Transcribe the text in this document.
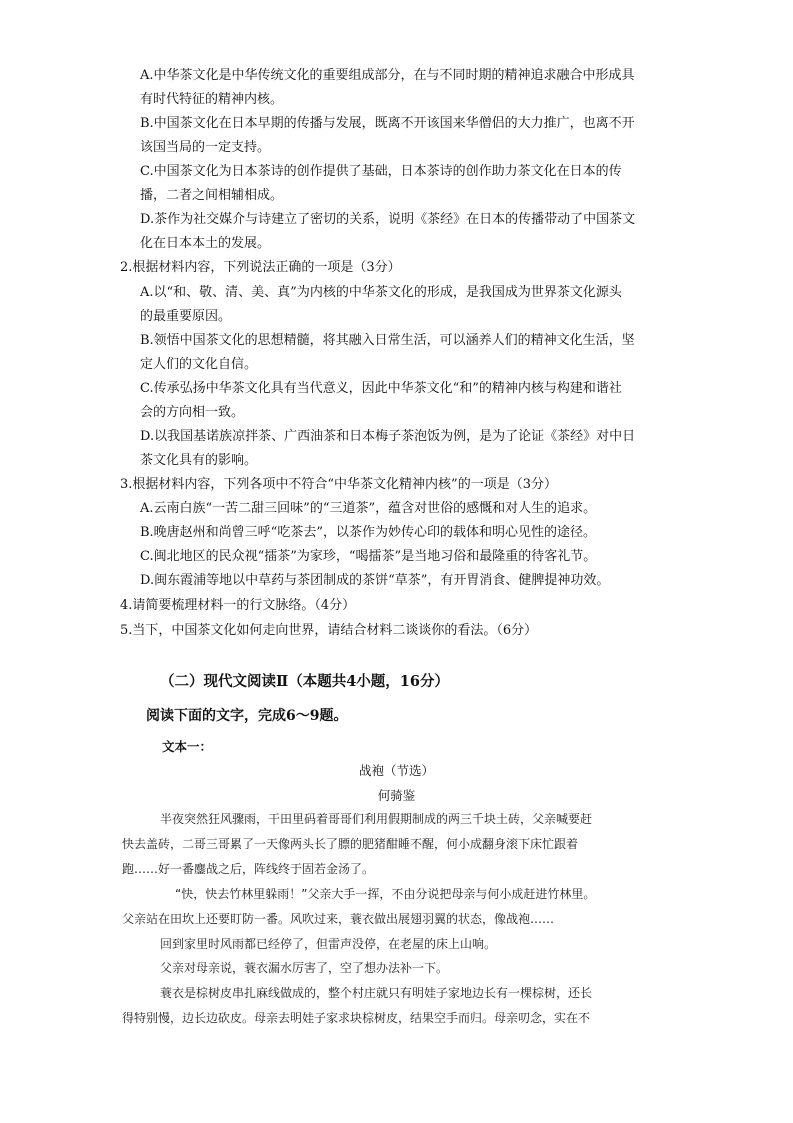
A.中华茶文化是中华传统文化的重要组成部分，在与不同时期的精神追求融合中形成具
有时代特征的精神内核。
B.中国茶文化在日本早期的传播与发展，既离不开该国来华僧侣的大力推广，也离不开
该国当局的一定支持。
C.中国茶文化为日本茶诗的创作提供了基础，日本茶诗的创作助力茶文化在日本的传
播，二者之间相辅相成。
D.茶作为社交媒介与诗建立了密切的关系，说明《茶经》在日本的传播带动了中国茶文
化在日本本土的发展。
2.根据材料内容，下列说法正确的一项是（3分）
A.以“和、敬、清、美、真”为内核的中华茶文化的形成，是我国成为世界茶文化源头
的最重要原因。
B.领悟中国茶文化的思想精髓，将其融入日常生活，可以涵养人们的精神文化生活，坚
定人们的文化自信。
C.传承弘扬中华茶文化具有当代意义，因此中华茶文化“和”的精神内核与构建和谐社
会的方向相一致。
D.以我国基诺族凉拌茶、广西油茶和日本梅子茶泡饭为例，是为了论证《茶经》对中日
茶文化具有的影响。
3.根据材料内容，下列各项中不符合“中华茶文化精神内核”的一项是（3分）
A.云南白族“一苦二甜三回味”的“三道茶”，蕴含对世俗的感慨和对人生的追求。
B.晚唐赵州和尚曾三呼“吃茶去”，以茶作为妙传心印的载体和明心见性的途径。
C.闽北地区的民众视“擂茶”为家珍，“喝擂茶”是当地习俗和最隆重的待客礼节。
D.闽东霞浦等地以中草药与茶团制成的茶饼“草茶”，有开胃消食、健脾提神功效。
4.请简要梳理材料一的行文脉络。（4分）
5.当下，中国茶文化如何走向世界，请结合材料二谈谈你的看法。（6分）
（二）现代文阅读Ⅱ（本题共4小题，16分）
阅读下面的文字，完成6～9题。
文本一：
战袍（节选）
何骑鉴
半夜突然狂风骤雨，干田里码着哥哥们利用假期制成的两三千块土砖，父亲喊要赶
快去盖砖，二哥三哥累了一天像两头长了膘的肥猪酣睡不醒，何小成翻身滚下床忙跟着
跑……好一番鏖战之后，阵线终于固若金汤了。
“快，快去竹林里躲雨！”父亲大手一挥，不由分说把母亲与何小成赶进竹林里。
父亲站在田坎上还要盯防一番。风吹过来，蓑衣做出展翅羽翼的状态，像战袍……
回到家里时风雨都已经停了，但雷声没停，在老屋的床上山响。
父亲对母亲说，蓑衣漏水厉害了，空了想办法补一下。
蓑衣是棕树皮串扎麻线做成的，整个村庄就只有明娃子家地边长有一棵棕树，还长
得特别慢，边长边砍皮。母亲去明娃子家求块棕树皮，结果空手而归。母亲叨念，实在不
